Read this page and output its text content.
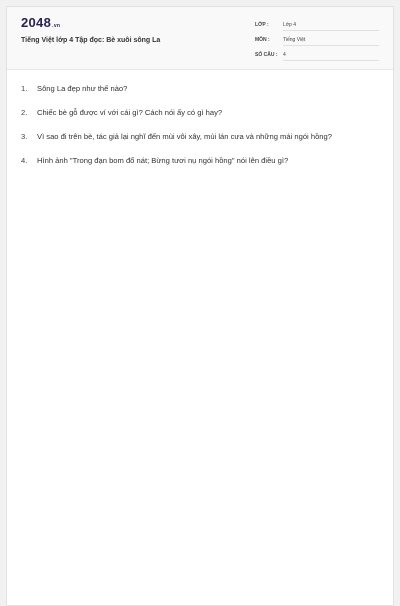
2048.vn
Tiếng Việt lớp 4 Tập đọc: Bè xuôi sông La
LỚP :	Lớp 4
MÔN :	Tiếng Việt
SỐ CÂU : 4
1.	Sông La đẹp như thế nào?
2.	Chiếc bè gỗ được ví với cái gì? Cách nói ấy có gì hay?
3.	Vì sao đi trên bè, tác giả lại nghĩ đến mùi vôi xây, mùi lán cưa và những mái ngói hồng?
4.	Hình ảnh "Trong đạn bom đổ nát; Bừng tươi nụ ngói hồng" nói lên điều gì?
